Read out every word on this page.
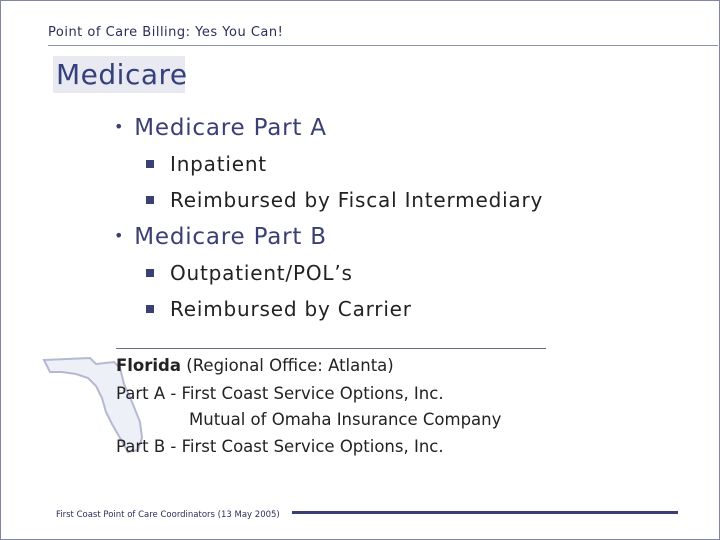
Point of Care Billing: Yes You Can!
Medicare
• Medicare Part A
Inpatient
Reimbursed by Fiscal Intermediary
• Medicare Part B
Outpatient/POL’s
Reimbursed by Carrier
Florida (Regional Office: Atlanta)
Part A - First Coast Service Options, Inc.
Mutual of Omaha Insurance Company
Part B - First Coast Service Options, Inc.
First Coast Point of Care Coordinators (13 May 2005)
